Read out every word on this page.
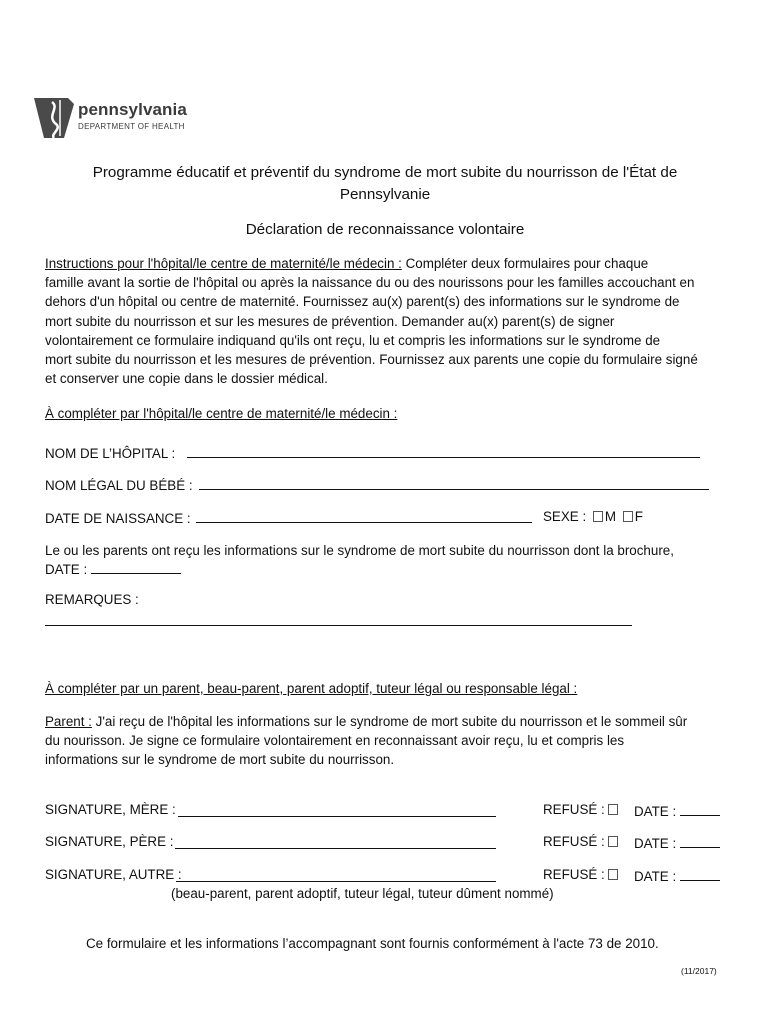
pennsylvania
DEPARTMENT OF HEALTH
Programme éducatif et préventif du syndrome de mort subite du nourrisson de l'État de
Pennsylvanie
Déclaration de reconnaissance volontaire
Instructions pour l'hôpital/le centre de maternité/le médecin : Compléter deux formulaires pour chaque
famille avant la sortie de l'hôpital ou après la naissance du ou des nourissons pour les familles accouchant en
dehors d'un hôpital ou centre de maternité. Fournissez au(x) parent(s) des informations sur le syndrome de
mort subite du nourrisson et sur les mesures de prévention. Demander au(x) parent(s) de signer
volontairement ce formulaire indiquand qu'ils ont reçu, lu et compris les informations sur le syndrome de
mort subite du nourrisson et les mesures de prévention. Fournissez aux parents une copie du formulaire signé
et conserver une copie dans le dossier médical.
À compléter par l'hôpital/le centre de maternité/le médecin :
NOM DE L’HÔPITAL :
NOM LÉGAL DU BÉBÉ :
DATE DE NAISSANCE :	SEXE : M F
Le ou les parents ont reçu les informations sur le syndrome de mort subite du nourrisson dont la brochure,
DATE :
REMARQUES :
À compléter par un parent, beau-parent, parent adoptif, tuteur légal ou responsable légal :
Parent : J'ai reçu de l'hôpital les informations sur le syndrome de mort subite du nourrisson et le sommeil sûr
du nourisson. Je signe ce formulaire volontairement en reconnaissant avoir reçu, lu et compris les
informations sur le syndrome de mort subite du nourrisson.
SIGNATURE, MÈRE :	REFUSÉ :	DATE :
SIGNATURE, PÈRE :	REFUSÉ :	DATE :
SIGNATURE, AUTRE :	REFUSÉ :	DATE :
(beau-parent, parent adoptif, tuteur légal, tuteur dûment nommé)
Ce formulaire et les informations l’accompagnant sont fournis conformément à l'acte 73 de 2010.
(11/2017)
